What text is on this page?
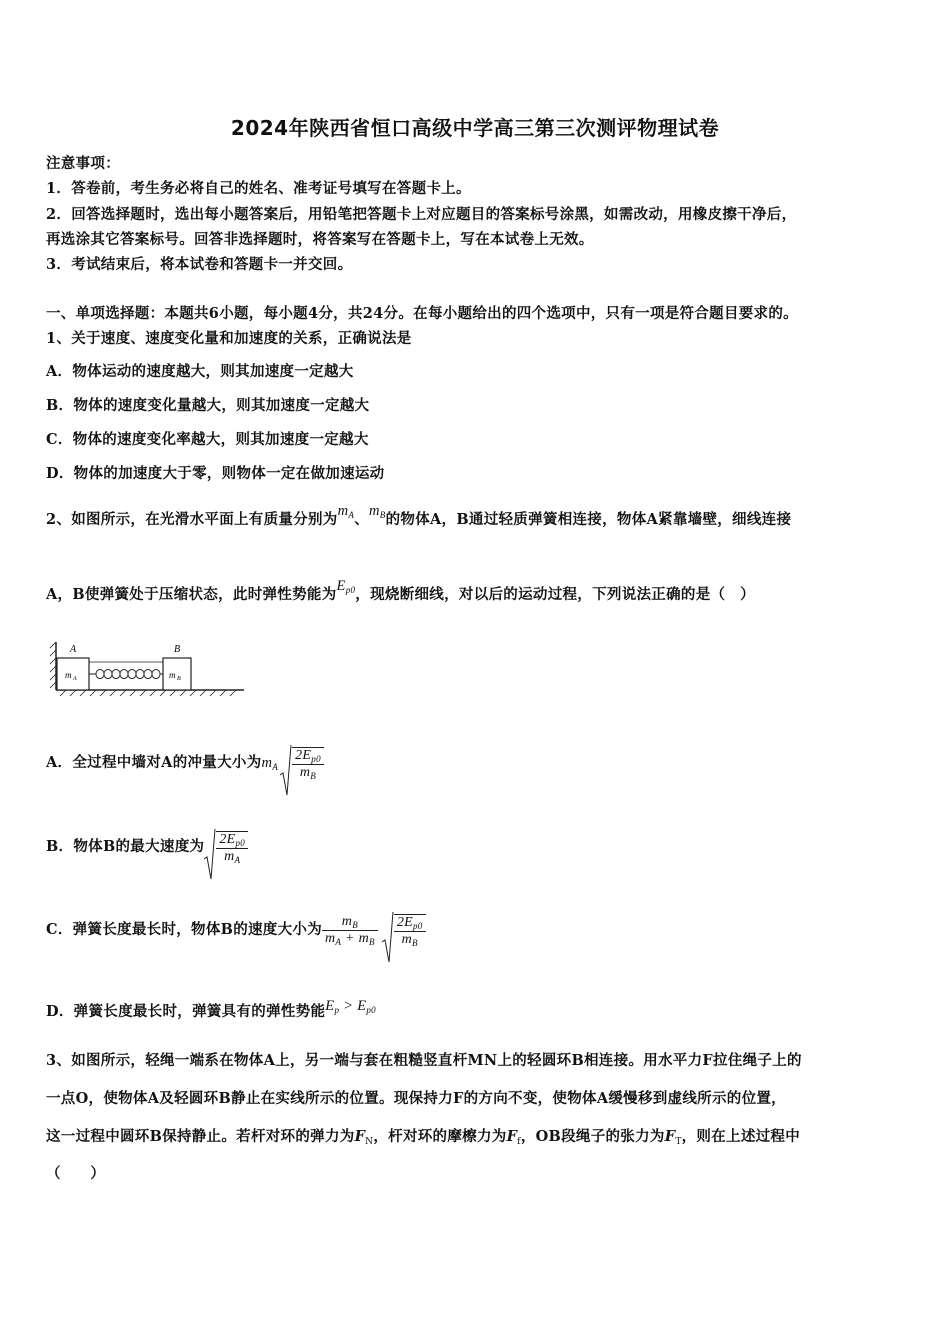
2024年陕西省恒口高级中学高三第三次测评物理试卷
注意事项：
1．答卷前，考生务必将自己的姓名、准考证号填写在答题卡上。
2．回答选择题时，选出每小题答案后，用铅笔把答题卡上对应题目的答案标号涂黑，如需改动，用橡皮擦干净后，
再选涂其它答案标号。回答非选择题时，将答案写在答题卡上，写在本试卷上无效。
3．考试结束后，将本试卷和答题卡一并交回。
一、单项选择题：本题共6小题，每小题4分，共24分。在每小题给出的四个选项中，只有一项是符合题目要求的。
1、关于速度、速度变化量和加速度的关系，正确说法是
A．物体运动的速度越大，则其加速度一定越大
B．物体的速度变化量越大，则其加速度一定越大
C．物体的速度变化率越大，则其加速度一定越大
D．物体的加速度大于零，则物体一定在做加速运动
2、如图所示，在光滑水平面上有质量分别为$m_A$、$m_B$的物体A，B通过轻质弹簧相连接，物体A紧靠墙壁，细线连接
A，B使弹簧处于压缩状态，此时弹性势能为$E_{p0}$，现烧断细线，对以后的运动过程，下列说法正确的是（　）
A
m A
B
m B
A．全过程中墙对A的冲量大小为$m_A \frac{2E_{p0}}{m_B}$
B．物体B的最大速度为 $\frac{2E_{p0}}{m_A}$
C．弹簧长度最长时，物体B的速度大小为 $\frac{m_B}{m_A + m_B} \frac{2E_{p0}}{m_B}$
D．弹簧长度最长时，弹簧具有的弹性势能$E_p > E_{p0}$
3、如图所示，轻绳一端系在物体A上，另一端与套在粗糙竖直杆MN上的轻圆环B相连接。用水平力F拉住绳子上的
一点O，使物体A及轻圆环B静止在实线所示的位置。现保持力F的方向不变，使物体A缓慢移到虚线所示的位置，
这一过程中圆环B保持静止。若杆对环的弹力为$F_N$，杆对环的摩檫力为$F_f$，OB段绳子的张力为$F_T$，则在上述过程中
（　　）
